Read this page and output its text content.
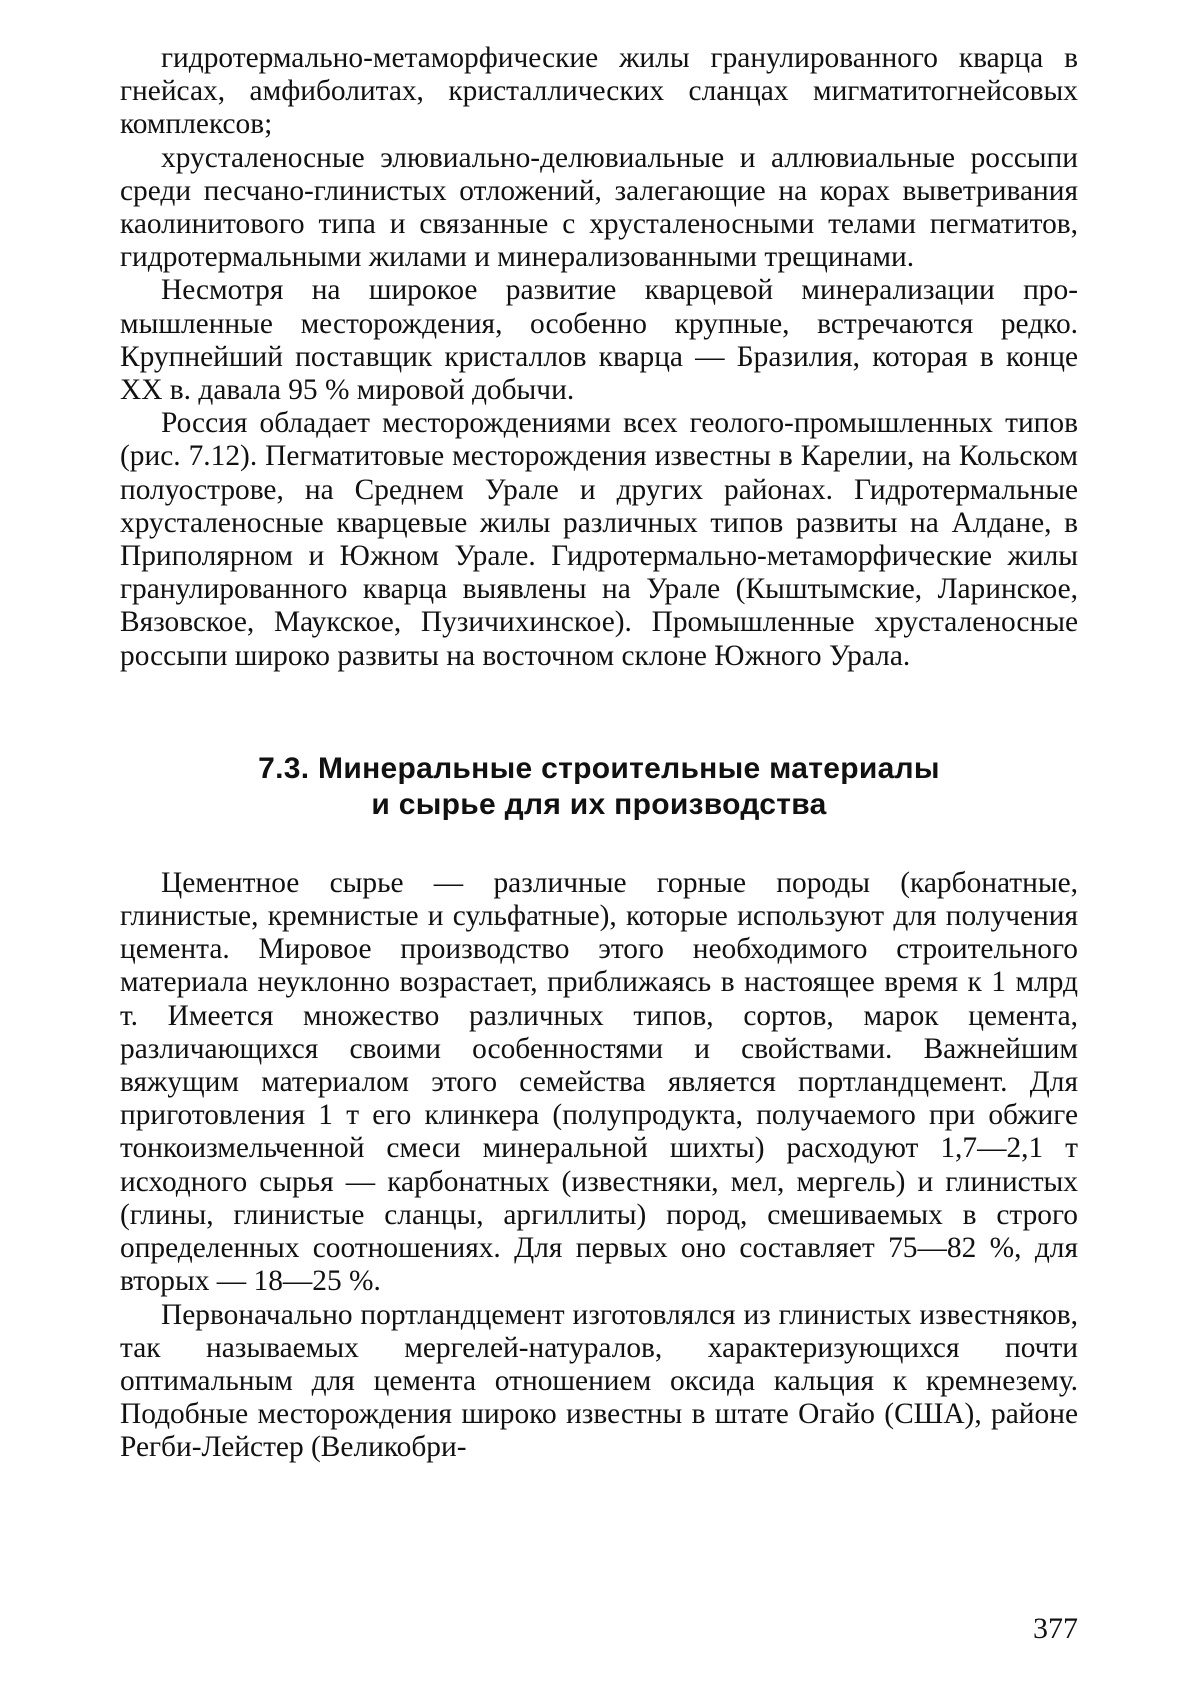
гидротермально-метаморфические жилы гранулированного кварца в гнейсах, амфиболитах, кристаллических сланцах мигматитогнейсовых комплексов;

хрусталеносные элювиально-делювиальные и аллювиальные россыпи среди песчано-глинистых отложений, залегающие на корах выветривания каолинитового типа и связанные с хрусталеносными телами пегматитов, гидротермальными жилами и минерализованными трещинами.

Несмотря на широкое развитие кварцевой минерализации промышленные месторождения, особенно крупные, встречаются редко. Крупнейший поставщик кристаллов кварца — Бразилия, которая в конце XX в. давала 95 % мировой добычи.

Россия обладает месторождениями всех геолого-промышленных типов (рис. 7.12). Пегматитовые месторождения известны в Карелии, на Кольском полуострове, на Среднем Урале и других районах. Гидротермальные хрусталеносные кварцевые жилы различных типов развиты на Алдане, в Приполярном и Южном Урале. Гидротермально-метаморфические жилы гранулированного кварца выявлены на Урале (Кыштымские, Ларинское, Вязовское, Маукское, Пузичихинское). Промышленные хрусталеносные россыпи широко развиты на восточном склоне Южного Урала.

7.3. Минеральные строительные материалы
и сырье для их производства

Цементное сырье — различные горные породы (карбонатные, глинистые, кремнистые и сульфатные), которые используют для получения цемента. Мировое производство этого необходимого строительного материала неуклонно возрастает, приближаясь в настоящее время к 1 млрд т. Имеется множество различных типов, сортов, марок цемента, различающихся своими особенностями и свойствами. Важнейшим вяжущим материалом этого семейства является портландцемент. Для приготовления 1 т его клинкера (полупродукта, получаемого при обжиге тонкоизмельченной смеси минеральной шихты) расходуют 1,7—2,1 т исходного сырья — карбонатных (известняки, мел, мергель) и глинистых (глины, глинистые сланцы, аргиллиты) пород, смешиваемых в строго определенных соотношениях. Для первых оно составляет 75—82 %, для вторых — 18—25 %.

Первоначально портландцемент изготовлялся из глинистых известняков, так называемых мергелей-натуралов, характеризующихся почти оптимальным для цемента отношением оксида кальция к кремнезему. Подобные месторождения широко известны в штате Огайо (США), районе Регби-Лейстер (Великобри-

377
